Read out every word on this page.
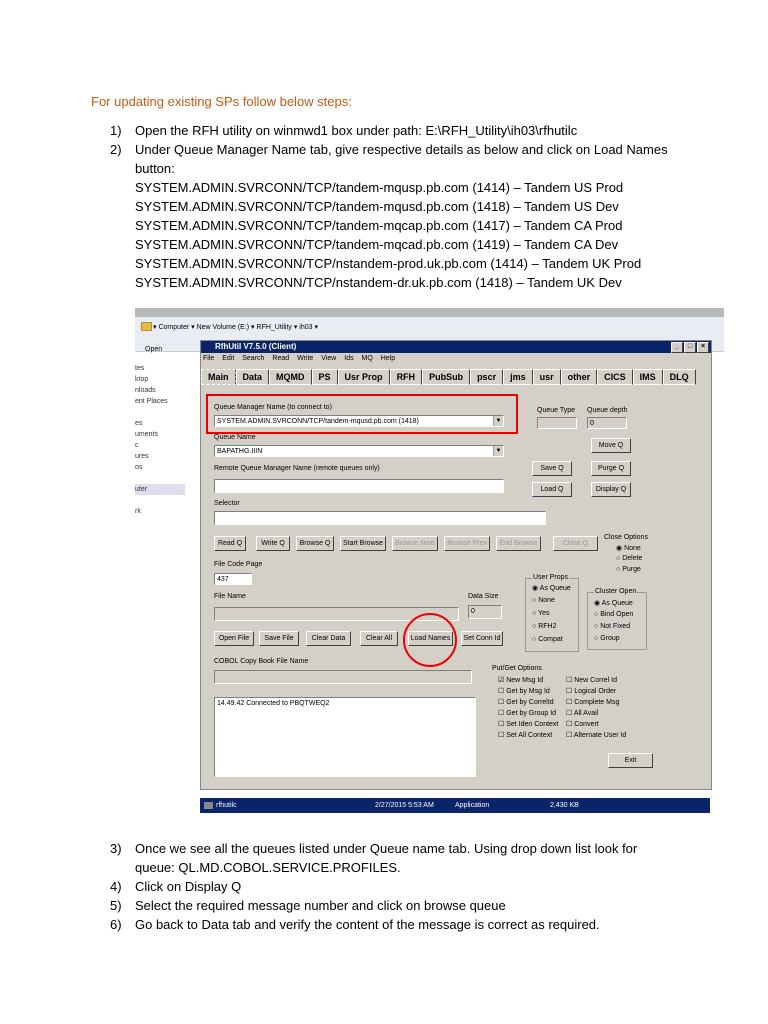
For updating existing SPs follow below steps:
1)	Open the RFH utility on winmwd1 box under path: E:\RFH_Utility\ih03\rfhutilc
2)	Under Queue Manager Name tab, give respective details as below and click on Load Names button:
SYSTEM.ADMIN.SVRCONN/TCP/tandem-mqusp.pb.com (1414) – Tandem US Prod
SYSTEM.ADMIN.SVRCONN/TCP/tandem-mqusd.pb.com (1418) – Tandem US Dev
SYSTEM.ADMIN.SVRCONN/TCP/tandem-mqcap.pb.com (1417) – Tandem CA Prod
SYSTEM.ADMIN.SVRCONN/TCP/tandem-mqcad.pb.com (1419) – Tandem CA Dev
SYSTEM.ADMIN.SVRCONN/TCP/nstandem-prod.uk.pb.com (1414) – Tandem UK Prod
SYSTEM.ADMIN.SVRCONN/TCP/nstandem-dr.uk.pb.com (1418) – Tandem UK Dev
▾ Computer ▾ New Volume (E:) ▾ RFH_Utility ▾ ih03 ▾
Open
tes
ktop
nloads
ent Places

es
uments
c
ures
os

uter

rk
RfhUtil V7.5.0 (Client)	_	□	×
File Edit Search Read Write View Ids MQ Help
Main	Data	MQMD	PS	Usr Prop	RFH	PubSub	pscr	jms	usr	other	CICS	IMS	DLQ
Queue Manager Name (to connect to)
SYSTEM.ADMIN.SVRCONN/TCP/tandem-mqusd.pb.com (1418)	▼
Queue Type Queue depth
0
Queue Name
BAPATHG.IIIN	▼
Move Q
Remote Queue Manager Name (remote queues only)	Save Q	Purge Q
Load Q	Display Q
Selector
Read Q	Write Q	Browse Q	Start Browse	Browse Next	Browse Prev	End Browse	Close Q
Close Options
◉ None
○ Delete
○ Purge
File Code Page
437	User Props
◉ As Queue
○ None
○ Yes
○ RFH2
○ Compat
Cluster Open
◉ As Queue
○ Bind Open
○ Not Fixed
○ Group
File Name	Data Size
0
Open File	Save File	Clear Data	Clear All	Load Names	Set Conn Id
COBOL Copy Book File Name
Put/Get Options
☑ New Msg Id
☐ Get by Msg Id
☐ Get by CorrelId
☐ Get by Group Id
☐ Set Iden Context
☐ Set All Context
☐ New Correl Id
☐ Logical Order
☐ Complete Msg
☐ All Avail
☐ Convert
☐ Alternate User Id
14.49.42 Connected to PBQTWEQ2
Exit
rfhutilc	2/27/2015 5:53 AM	Application	2,430 KB
3)	Once we see all the queues listed under Queue name tab. Using drop down list look for queue: QL.MD.COBOL.SERVICE.PROFILES.
4)	Click on Display Q
5)	Select the required message number and click on browse queue
6)	Go back to Data tab and verify the content of the message is correct as required.
